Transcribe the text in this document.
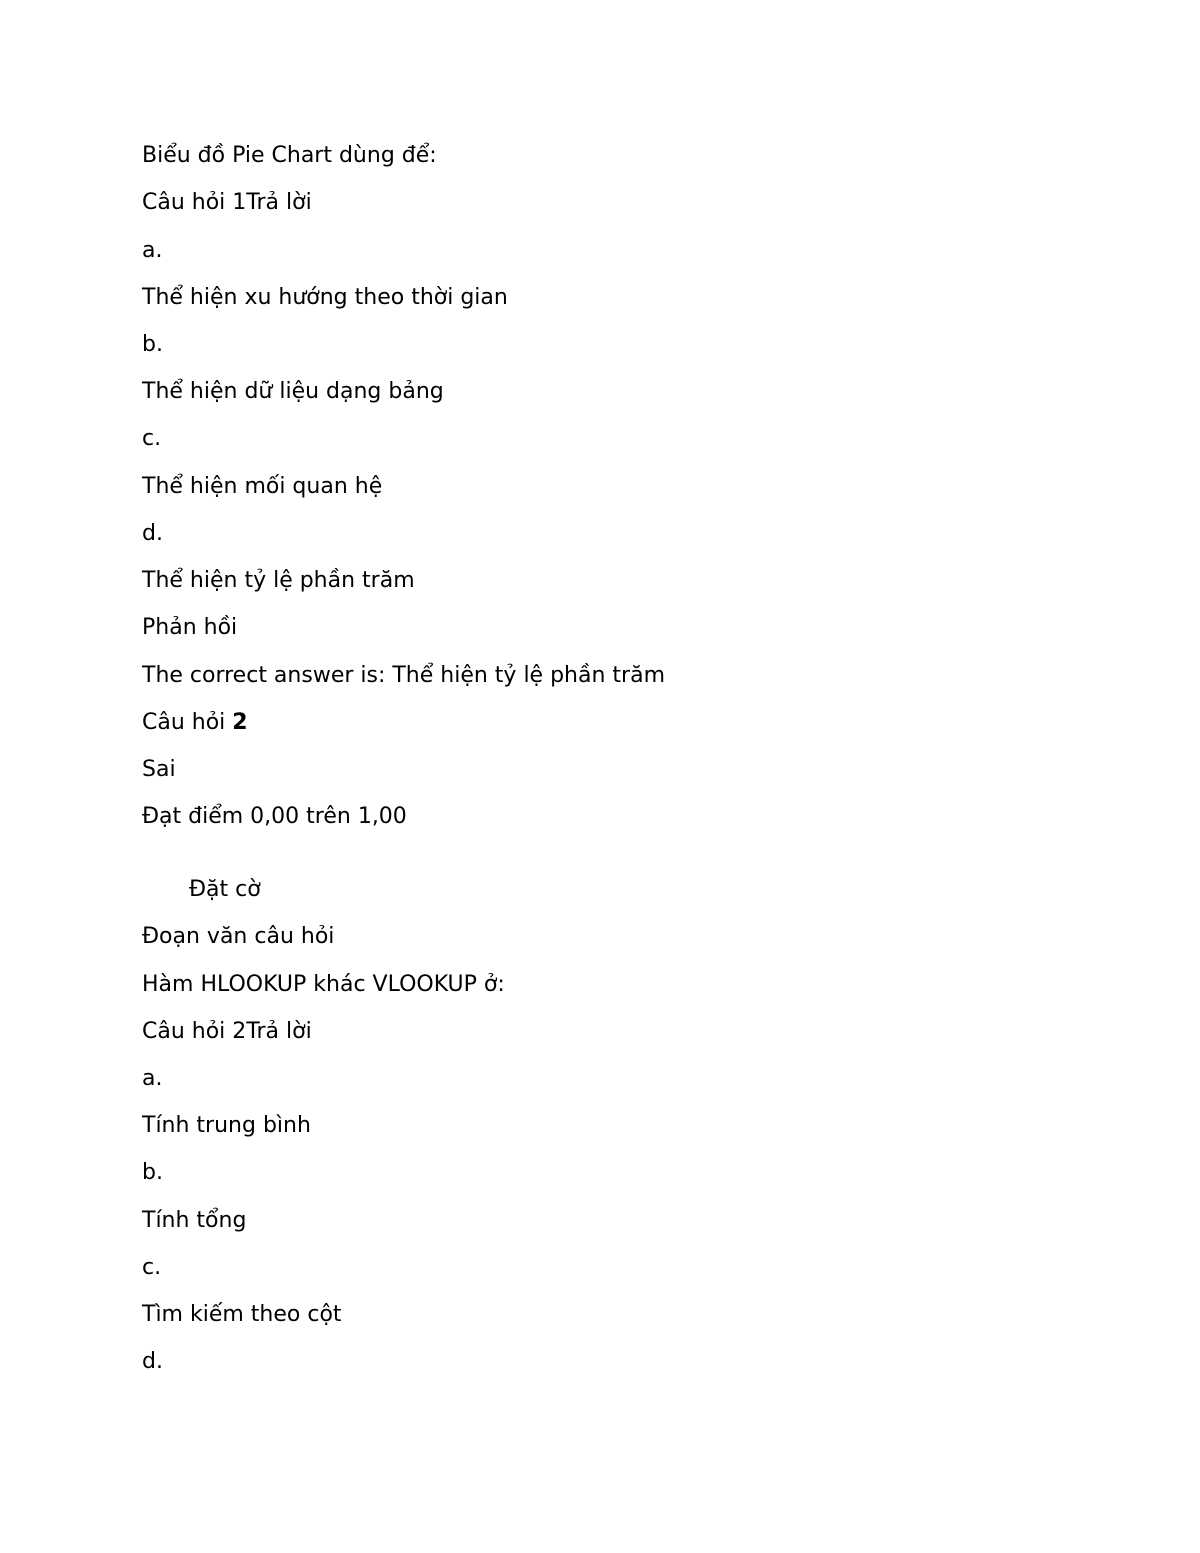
Biểu đồ Pie Chart dùng để:
Câu hỏi 1Trả lời
a.
Thể hiện xu hướng theo thời gian
b.
Thể hiện dữ liệu dạng bảng
c.
Thể hiện mối quan hệ
d.
Thể hiện tỷ lệ phần trăm
Phản hồi
The correct answer is: Thể hiện tỷ lệ phần trăm
Câu hỏi 2
Sai
Đạt điểm 0,00 trên 1,00
Đặt cờ
Đoạn văn câu hỏi
Hàm HLOOKUP khác VLOOKUP ở:
Câu hỏi 2Trả lời
a.
Tính trung bình
b.
Tính tổng
c.
Tìm kiếm theo cột
d.
